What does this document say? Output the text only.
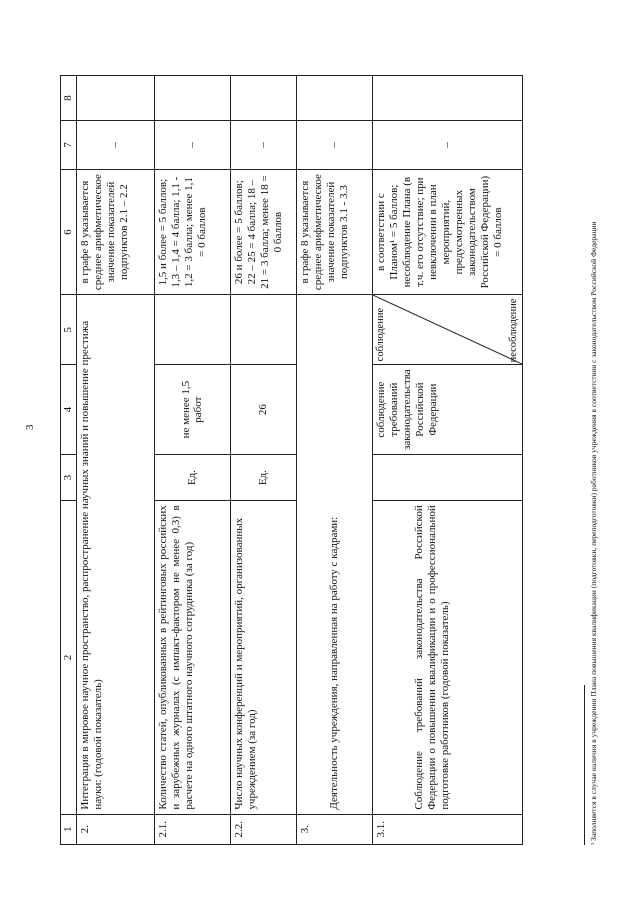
3
1	2	3	4	5	6	7	8
2.	Интеграция в мировое научное пространство, распространение научных знаний и повышение престижа науки: (годовой показатель)				в графе 8 указывается среднее арифметическое значение показателей подпунктов 2.1 – 2.2	–	
2.1.	Количество статей, опубликованных в рейтинговых российских и зарубежных журналах (с импакт-фактором не менее 0,3) в расчете на одного штатного научного сотрудника (за год)	Ед.	не менее 1,5 работ		1,5 и более = 5 баллов; 1,3 – 1,4 = 4 балла; 1,1 - 1,2 = 3 балла; менее 1,1 = 0 баллов	–	
2.2.	Число научных конференций и мероприятий, организованных учреждением (за год)	Ед.	26		26 и более = 5 баллов; 22 – 25 = 4 балла; 18 – 21 = 3 балла; менее 18 = 0 баллов	–	
3.	Деятельность учреждения, направленная на работу с кадрами:				в графе 8 указывается среднее арифметическое значение показателей подпунктов 3.1 - 3.3	–	
3.1.	Соблюдение требований законодательства Российской Федерации о повышении квалификации и о профессиональной подготовке работников (годовой показатель)		соблюдение требований законодательства Российской Федерации	соблюдение несоблюдение	в соответствии с Планом¹ = 5 баллов; несоблюдение Плана (в т.ч. его отсутствие; при невключении в план мероприятий, предусмотренных законодательством Российской Федерации) = 0 баллов	–	
¹ Заполняется в случае наличия в учреждении Плана повышения квалификации (подготовки, переподготовки) работников учреждения в соответствии с законодательством Российской Федерации
